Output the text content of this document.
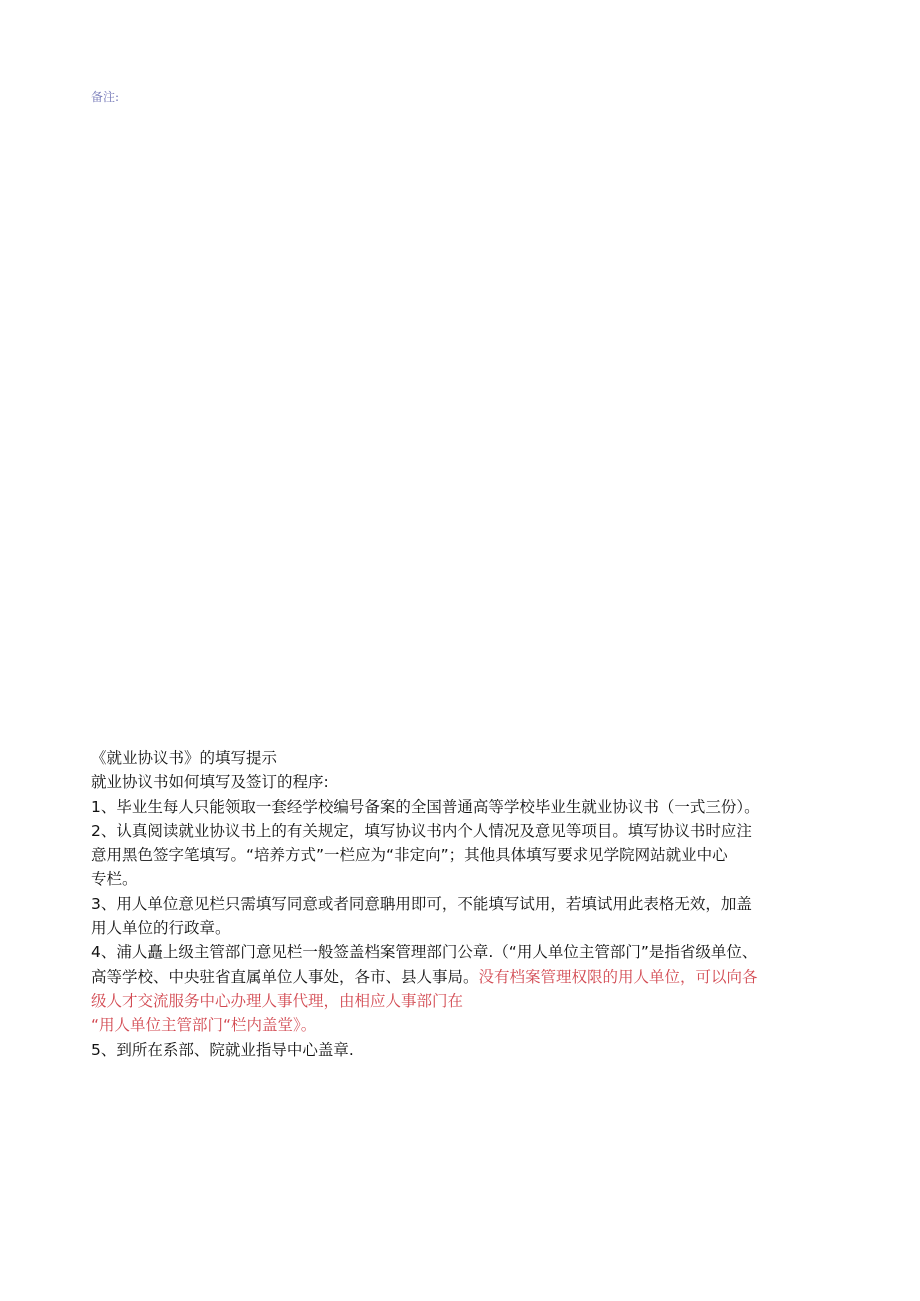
备注:
《就业协议书》的填写提示
就业协议书如何填写及签订的程序:
1、毕业生每人只能领取一套经学校编号备案的全国普通高等学校毕业生就业协议书（一式三份）。
2、认真阅读就业协议书上的有关规定，填写协议书内个人情况及意见等项目。填写协议书时应注
意用黑色签字笔填写。“培养方式”一栏应为“非定向”；其他具体填写要求见学院网站就业中心
专栏。
3、用人单位意见栏只需填写同意或者同意聃用即可，不能填写试用，若填试用此表格无效，加盖
用人单位的行政章。
4、浦人矗上级主管部门意见栏一般签盖档案管理部门公章.（“用人单位主管部门”是指省级单位、
高等学校、中央驻省直属单位人事处，各市、县人事局。没有档案管理权限的用人单位，可以向各
级人才交流服务中心办理人事代理，由相应人事部门在
“用人单位主管部门“栏内盖堂》。
5、到所在系部、院就业指导中心盖章.
